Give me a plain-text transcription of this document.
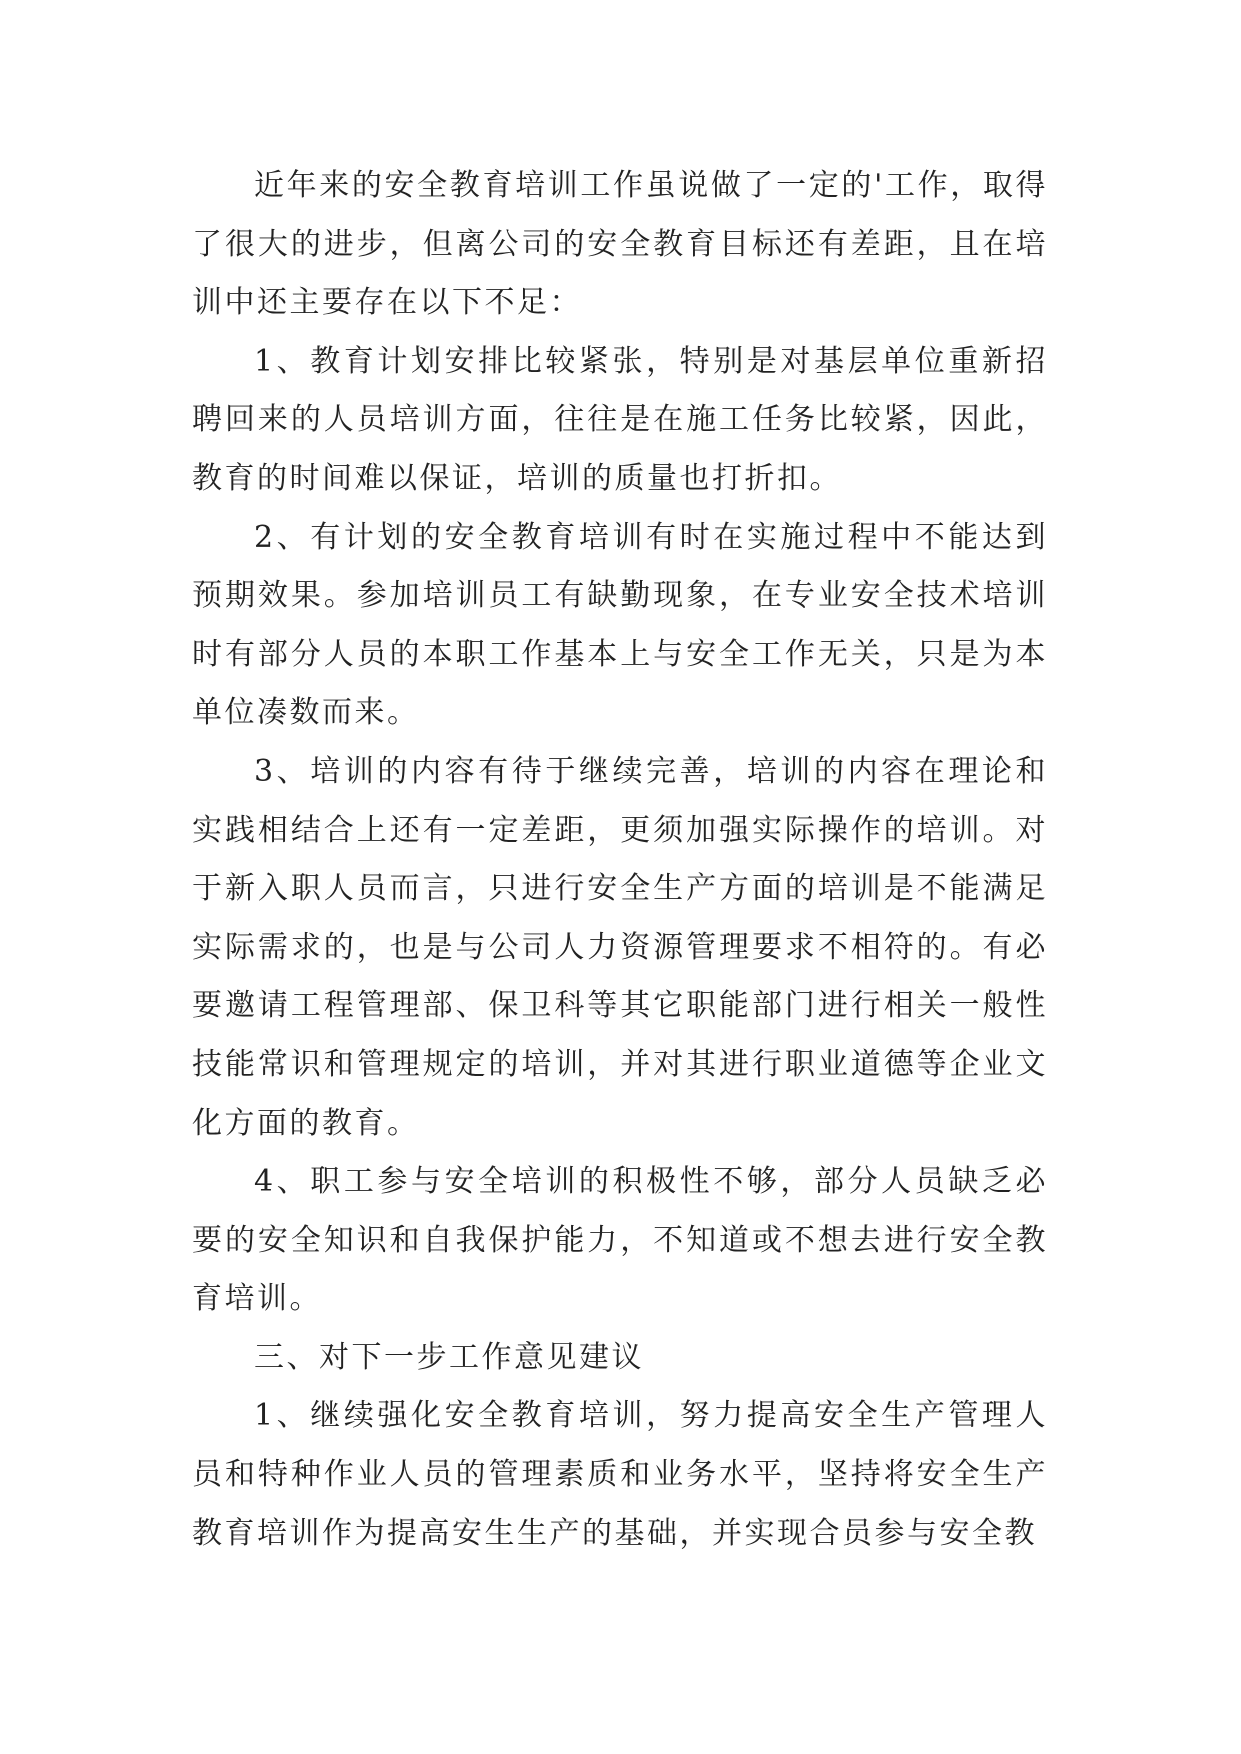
近年来的安全教育培训工作虽说做了一定的'工作，取得了很大的进步，但离公司的安全教育目标还有差距，且在培训中还主要存在以下不足：

1、教育计划安排比较紧张，特别是对基层单位重新招聘回来的人员培训方面，往往是在施工任务比较紧，因此，教育的时间难以保证，培训的质量也打折扣。

2、有计划的安全教育培训有时在实施过程中不能达到预期效果。参加培训员工有缺勤现象，在专业安全技术培训时有部分人员的本职工作基本上与安全工作无关，只是为本单位凑数而来。

3、培训的内容有待于继续完善，培训的内容在理论和实践相结合上还有一定差距，更须加强实际操作的培训。对于新入职人员而言，只进行安全生产方面的培训是不能满足实际需求的，也是与公司人力资源管理要求不相符的。有必要邀请工程管理部、保卫科等其它职能部门进行相关一般性技能常识和管理规定的培训，并对其进行职业道德等企业文化方面的教育。

4、职工参与安全培训的积极性不够，部分人员缺乏必要的安全知识和自我保护能力，不知道或不想去进行安全教育培训。

三、对下一步工作意见建议

1、继续强化安全教育培训，努力提高安全生产管理人员和特种作业人员的管理素质和业务水平，坚持将安全生产教育培训作为提高安生生产的基础，并实现合员参与安全教
